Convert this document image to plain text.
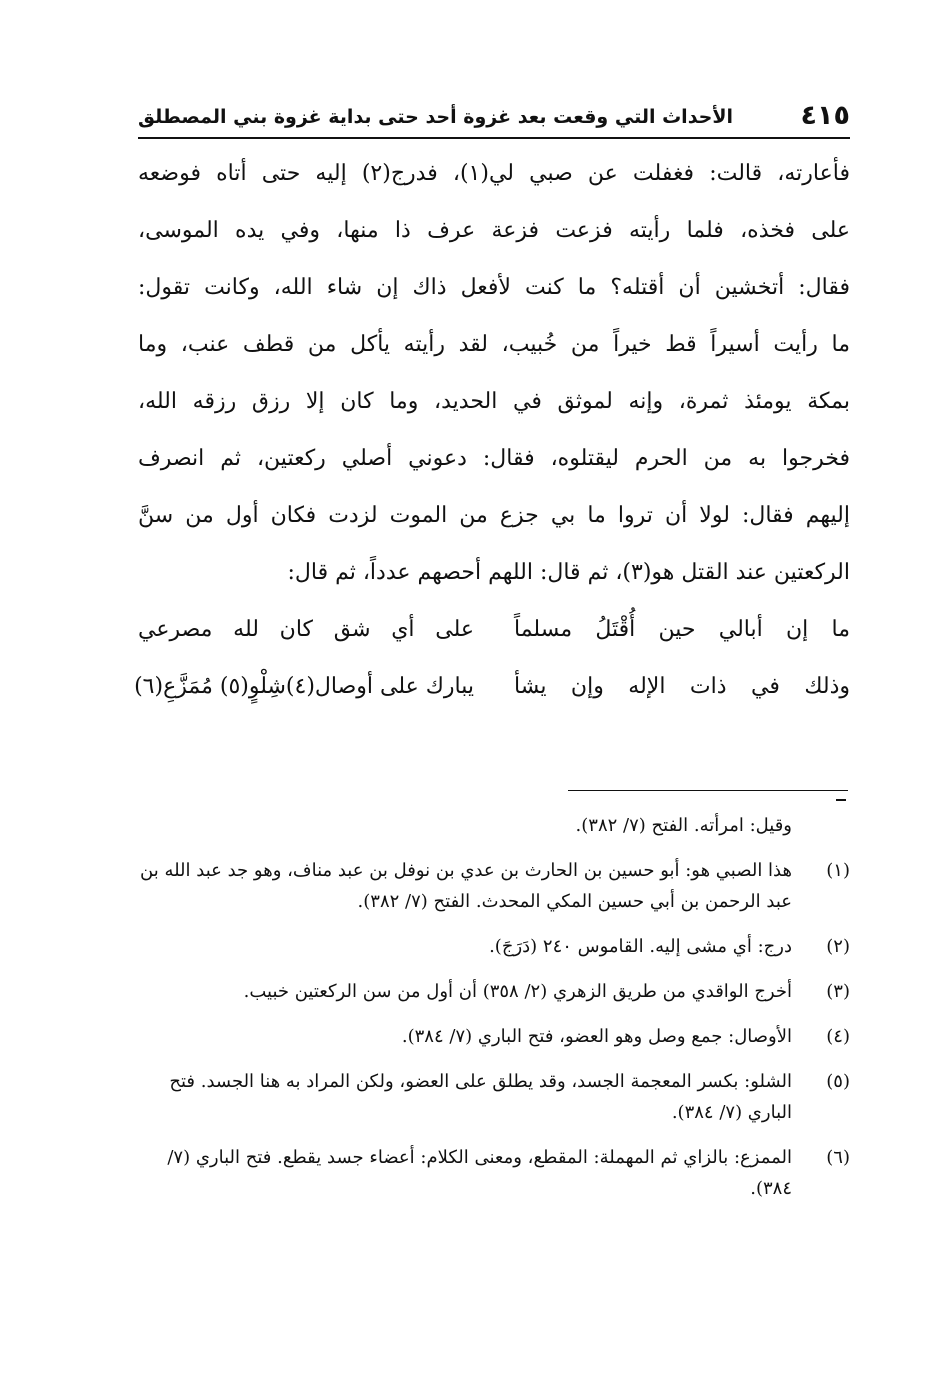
٤١٥
الأحداث التي وقعت بعد غزوة أحد حتى بداية غزوة بني المصطلق
فأعارته، قالت: فغفلت عن صبي لي(١)، فدرج(٢) إليه حتى أتاه فوضعه
على فخذه، فلما رأيته فزعت فزعة عرف ذا منها، وفي يده الموسى،
فقال: أتخشين أن أقتله؟ ما كنت لأفعل ذاك إن شاء الله، وكانت تقول:
ما رأيت أسيراً قط خيراً من خُبيب، لقد رأيته يأكل من قطف عنب، وما
بمكة يومئذ ثمرة، وإنه لموثق في الحديد، وما كان إلا رزق رزقه الله،
فخرجوا به من الحرم ليقتلوه، فقال: دعوني أصلي ركعتين، ثم انصرف
إليهم فقال: لولا أن تروا ما بي جزع من الموت لزدت فكان أول من سنَّ
الركعتين عند القتل هو(٣)، ثم قال: اللهم أحصهم عدداً، ثم قال:
ما إن أبالي حين أُقْتَلُ مسلماً
على أي شق كان لله مصرعي
وذلك في ذات الإله وإن يشأ
يبارك على أوصال(٤)شِلْوٍ(٥) مُمَزَّعِ(٦)
وقيل: امرأته. الفتح (٧/ ٣٨٢).
(١)
هذا الصبي هو: أبو حسين بن الحارث بن عدي بن نوفل بن عبد مناف، وهو جد عبد الله بن عبد الرحمن بن أبي حسين المكي المحدث. الفتح (٧/ ٣٨٢).
(٢)
درج: أي مشى إليه. القاموس ٢٤٠ (دَرَجَ).
(٣)
أخرج الواقدي من طريق الزهري (٢/ ٣٥٨) أن أول من سن الركعتين خبيب.
(٤)
الأوصال: جمع وصل وهو العضو، فتح الباري (٧/ ٣٨٤).
(٥)
الشلو: بكسر المعجمة الجسد، وقد يطلق على العضو، ولكن المراد به هنا الجسد. فتح الباري (٧/ ٣٨٤).
(٦)
الممزع: بالزاي ثم المهملة: المقطع، ومعنى الكلام: أعضاء جسد يقطع. فتح الباري (٧/ ٣٨٤).
